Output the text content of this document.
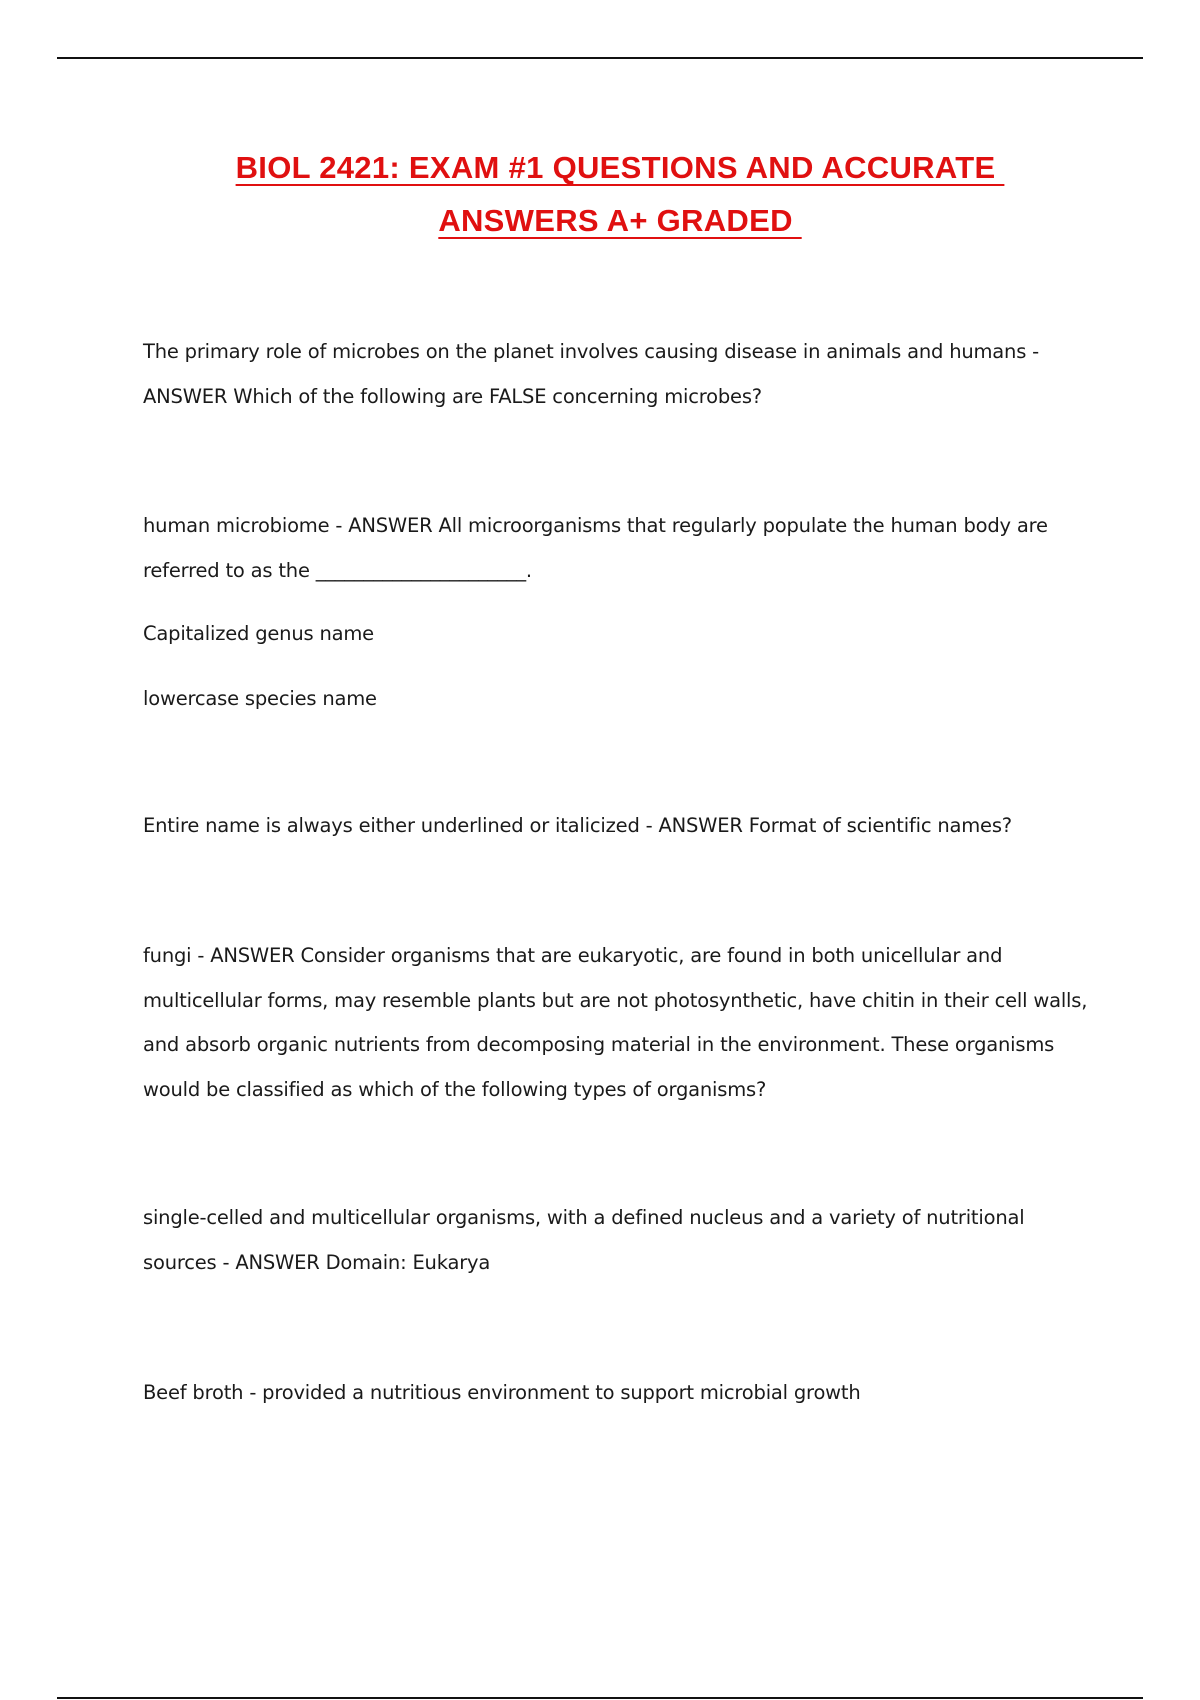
BIOL 2421: EXAM #1 QUESTIONS AND ACCURATE
ANSWERS A+ GRADED

The primary role of microbes on the planet involves causing disease in animals and humans - ANSWER Which of the following are FALSE concerning microbes?

human microbiome - ANSWER All microorganisms that regularly populate the human body are referred to as the ______________________.

Capitalized genus name

lowercase species name

Entire name is always either underlined or italicized - ANSWER Format of scientific names?

fungi - ANSWER Consider organisms that are eukaryotic, are found in both unicellular and multicellular forms, may resemble plants but are not photosynthetic, have chitin in their cell walls, and absorb organic nutrients from decomposing material in the environment. These organisms would be classified as which of the following types of organisms?

single-celled and multicellular organisms, with a defined nucleus and a variety of nutritional sources - ANSWER Domain: Eukarya

Beef broth - provided a nutritious environment to support microbial growth
